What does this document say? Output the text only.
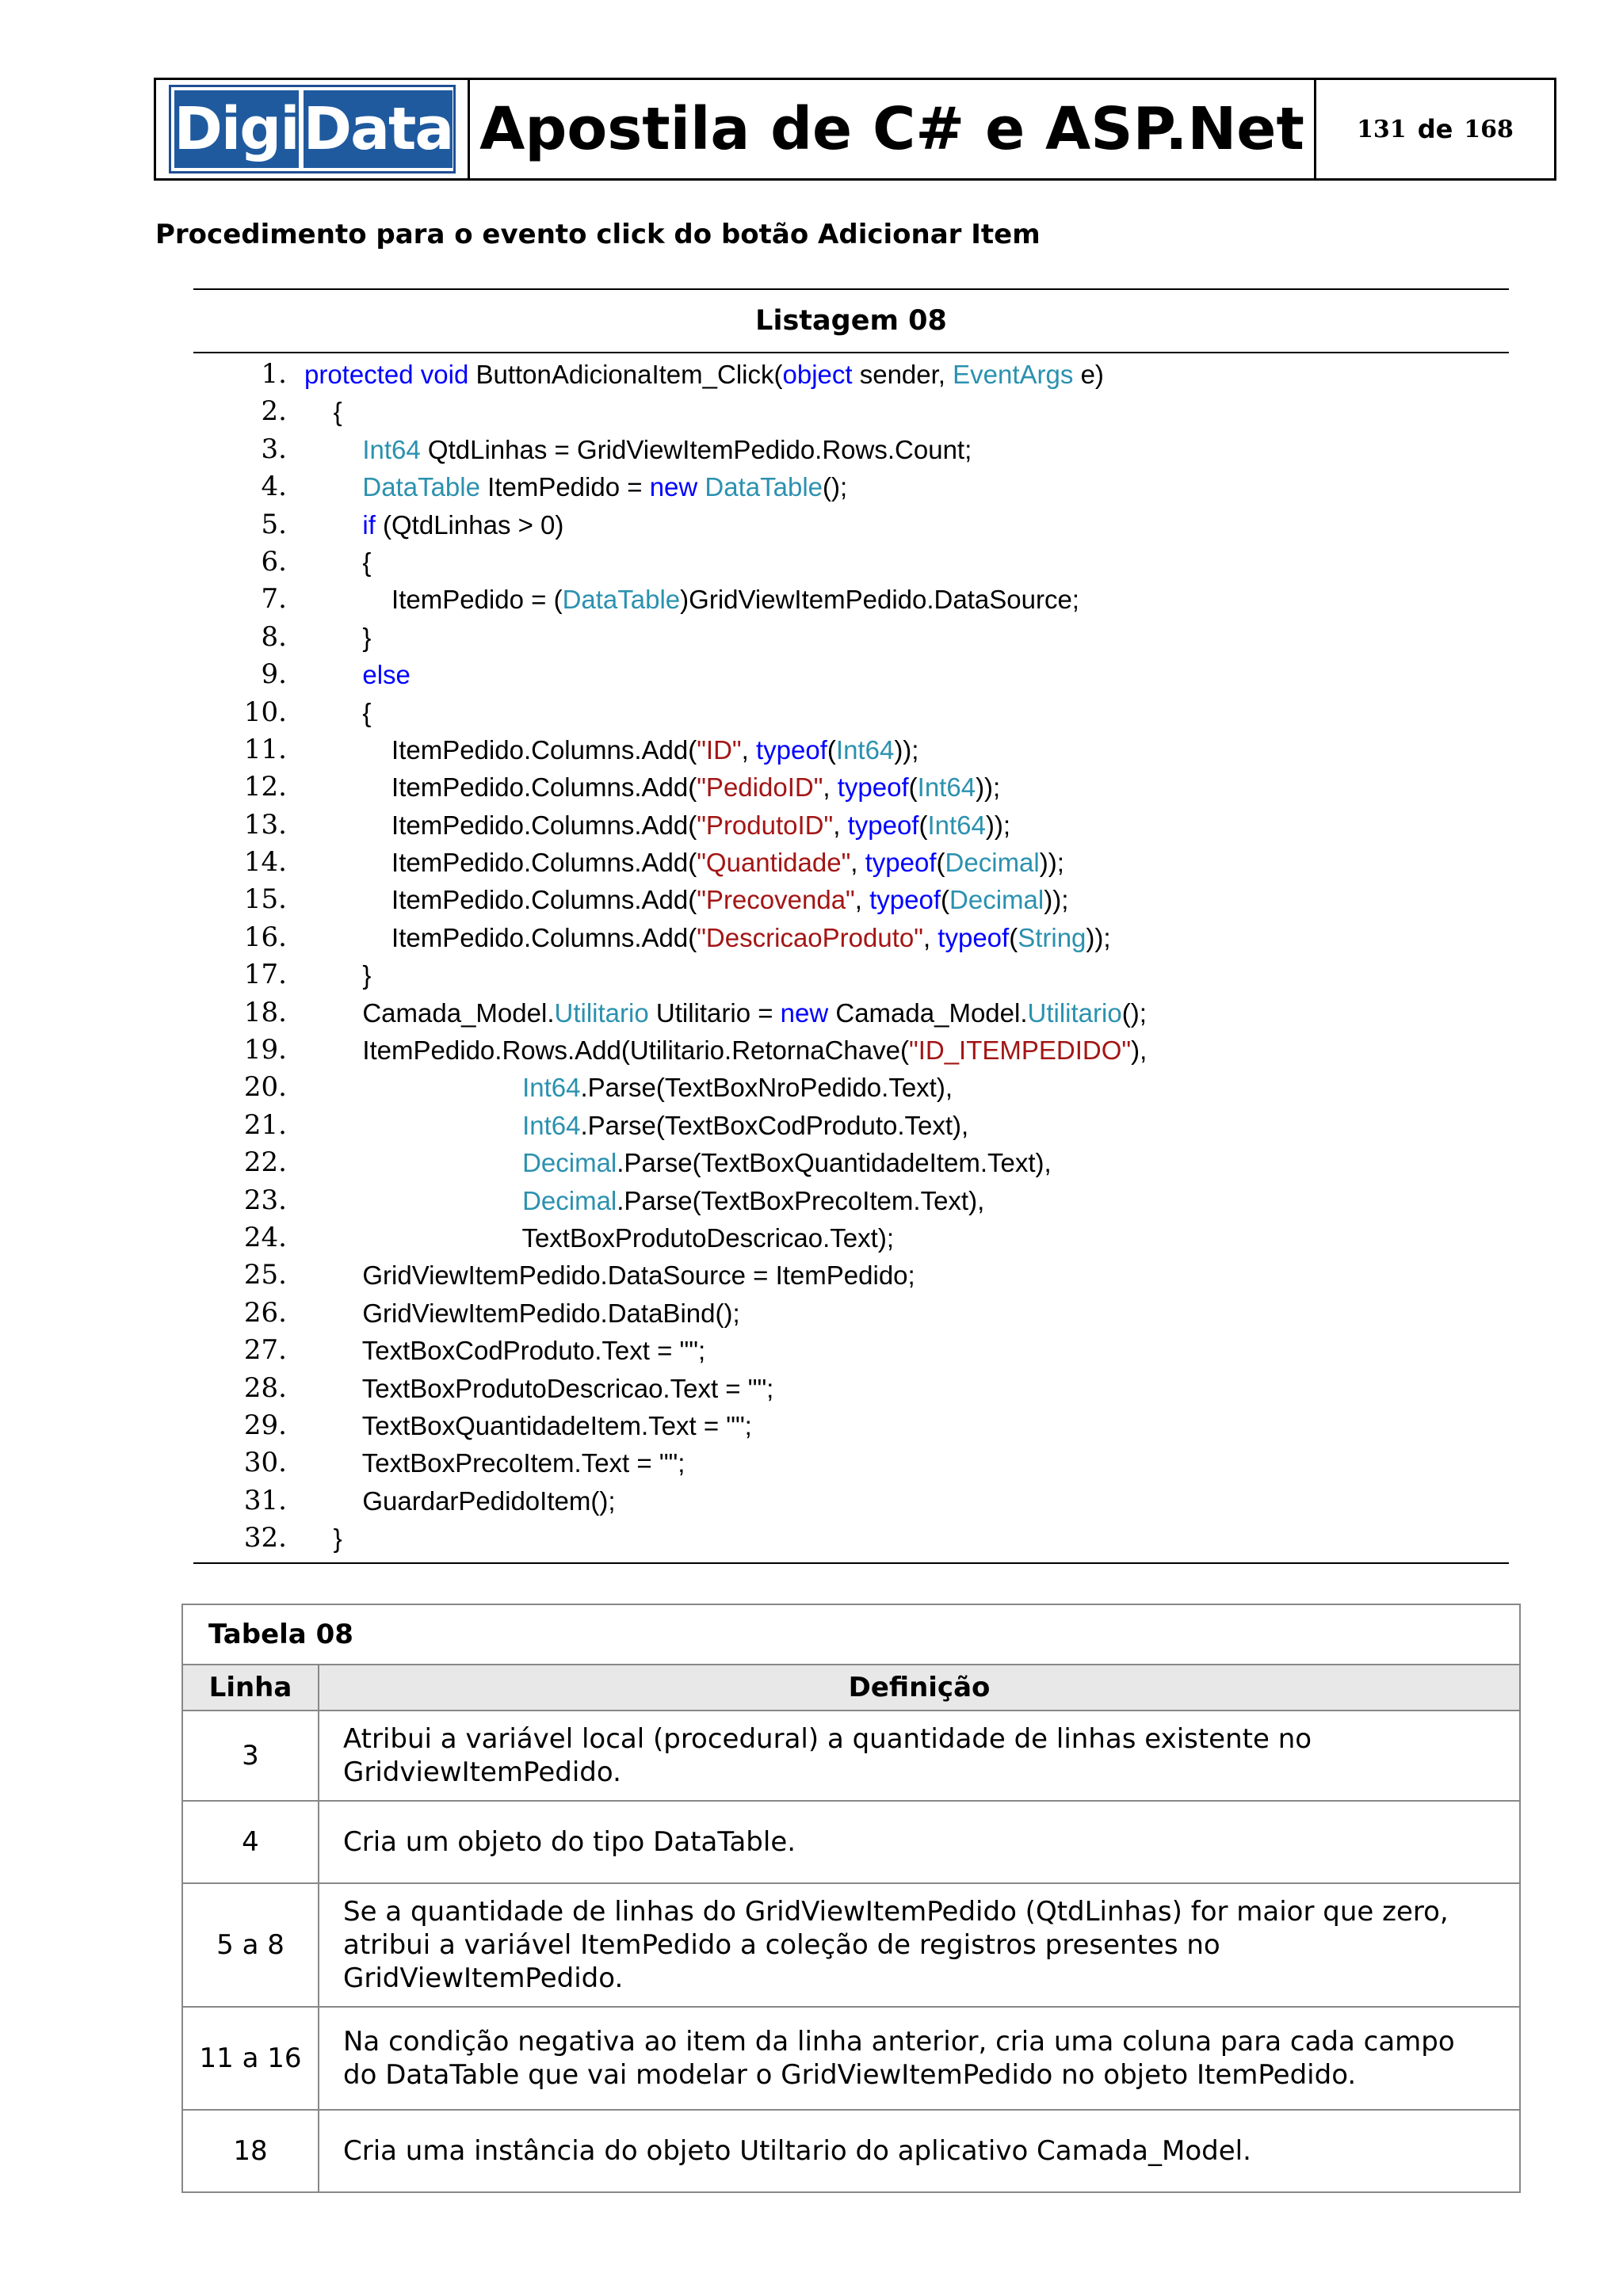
Digi Data Apostila de C# e ASP.Net	131 de 168
Procedimento para o evento click do botão Adicionar Item
Listagem 08
1. protected void ButtonAdicionaItem_Click(object sender, EventArgs e)
2. {
3.	Int64 QtdLinhas = GridViewItemPedido.Rows.Count;
4.	DataTable ItemPedido = new DataTable();
5.	if (QtdLinhas > 0)
6. {
7. ItemPedido = (DataTable)GridViewItemPedido.DataSource;
8. }
9.	else
10. {
11. ItemPedido.Columns.Add("ID", typeof(Int64));
12. ItemPedido.Columns.Add("PedidoID", typeof(Int64));
13. ItemPedido.Columns.Add("ProdutoID", typeof(Int64));
14. ItemPedido.Columns.Add("Quantidade", typeof(Decimal));
15. ItemPedido.Columns.Add("Precovenda", typeof(Decimal));
16. ItemPedido.Columns.Add("DescricaoProduto", typeof(String));
17. }
18. Camada_Model.Utilitario Utilitario = new Camada_Model.Utilitario();
19. ItemPedido.Rows.Add(Utilitario.RetornaChave("ID_ITEMPEDIDO"),
20.	Int64.Parse(TextBoxNroPedido.Text),
21.	Int64.Parse(TextBoxCodProduto.Text),
22.	Decimal.Parse(TextBoxQuantidadeItem.Text),
23.	Decimal.Parse(TextBoxPrecoItem.Text),
24. TextBoxProdutoDescricao.Text);
25. GridViewItemPedido.DataSource = ItemPedido;
26. GridViewItemPedido.DataBind();
27. TextBoxCodProduto.Text = "";
28. TextBoxProdutoDescricao.Text = "";
29. TextBoxQuantidadeItem.Text = "";
30. TextBoxPrecoItem.Text = "";
31. GuardarPedidoItem();
32. }
Tabela 08	
Linha	Definição
3	Atribui a variável local (procedural) a quantidade de linhas existente no GridviewItemPedido.
4	Cria um objeto do tipo DataTable.
5 a 8	Se a quantidade de linhas do GridViewItemPedido (QtdLinhas) for maior que zero, atribui a variável ItemPedido a coleção de registros presentes no GridViewItemPedido.
11 a 16	Na condição negativa ao item da linha anterior, cria uma coluna para cada campo do DataTable que vai modelar o GridViewItemPedido no objeto ItemPedido.
18	Cria uma instância do objeto Utiltario do aplicativo Camada_Model.
